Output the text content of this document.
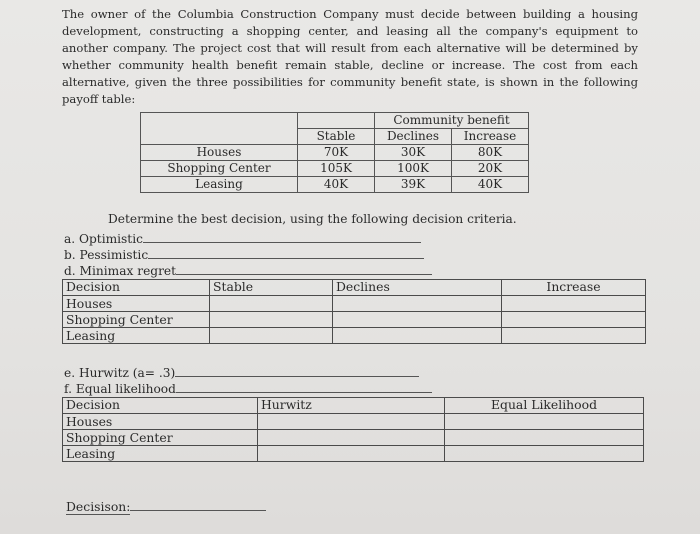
The owner of the Columbia Construction Company must decide between building a housing development, constructing a shopping center, and leasing all the company's equipment to another company. The project cost that will result from each alternative will be determined by whether community health benefit remain stable, decline or increase. The cost from each alternative, given the three possibilities for community benefit state, is shown in the following payoff table:
		Community benefit	
	Stable	Declines	Increase
Houses	70K	30K	80K
Shopping Center	105K	100K	20K
Leasing	40K	39K	40K
Determine the best decision, using the following decision criteria.
a. Optimistic
b. Pessimistic
d. Minimax regret
Decision	Stable	Declines	Increase
Houses			
Shopping Center			
Leasing			
e. Hurwitz (a= .3)
f. Equal likelihood
Decision	Hurwitz	Equal Likelihood
Houses		
Shopping Center		
Leasing		
Decisison:
